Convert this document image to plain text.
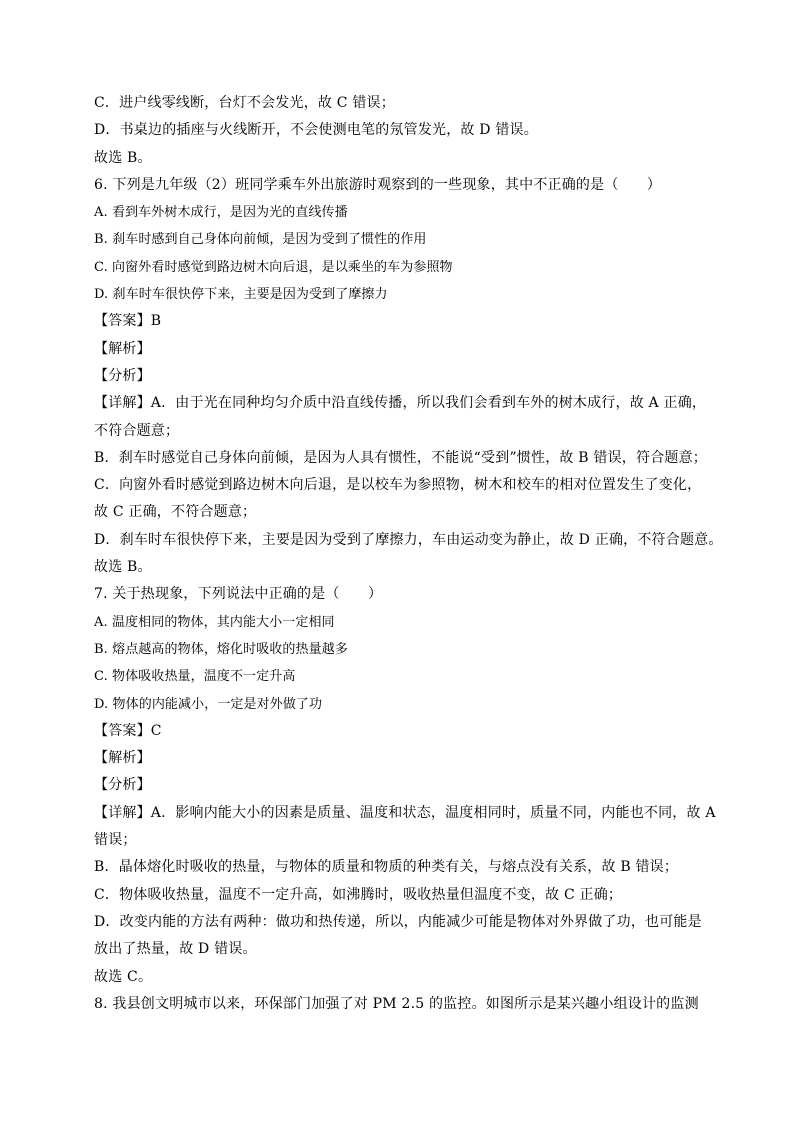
C．进户线零线断，台灯不会发光，故 C 错误；
D．书桌边的插座与火线断开，不会使测电笔的氖管发光，故 D 错误。
故选 B。
6. 下列是九年级（2）班同学乘车外出旅游时观察到的一些现象，其中不正确的是（　　）
A. 看到车外树木成行，是因为光的直线传播
B. 刹车时感到自己身体向前倾，是因为受到了惯性的作用
C. 向窗外看时感觉到路边树木向后退，是以乘坐的车为参照物
D. 刹车时车很快停下来，主要是因为受到了摩擦力
【答案】B
【解析】
【分析】
【详解】A．由于光在同种均匀介质中沿直线传播，所以我们会看到车外的树木成行，故 A 正确，
不符合题意；
B．刹车时感觉自己身体向前倾，是因为人具有惯性，不能说“受到”惯性，故 B 错误，符合题意；
C．向窗外看时感觉到路边树木向后退，是以校车为参照物，树木和校车的相对位置发生了变化，
故 C 正确，不符合题意；
D．刹车时车很快停下来，主要是因为受到了摩擦力，车由运动变为静止，故 D 正确，不符合题意。
故选 B。
7. 关于热现象，下列说法中正确的是（　　）
A. 温度相同的物体，其内能大小一定相同
B. 熔点越高的物体，熔化时吸收的热量越多
C. 物体吸收热量，温度不一定升高
D. 物体的内能减小，一定是对外做了功
【答案】C
【解析】
【分析】
【详解】A．影响内能大小的因素是质量、温度和状态，温度相同时，质量不同，内能也不同，故 A
错误；
B．晶体熔化时吸收的热量，与物体的质量和物质的种类有关，与熔点没有关系，故 B 错误；
C．物体吸收热量，温度不一定升高，如沸腾时，吸收热量但温度不变，故 C 正确；
D．改变内能的方法有两种：做功和热传递，所以，内能减少可能是物体对外界做了功，也可能是
放出了热量，故 D 错误。
故选 C。
8. 我县创文明城市以来，环保部门加强了对 PM 2.5 的监控。如图所示是某兴趣小组设计的监测
